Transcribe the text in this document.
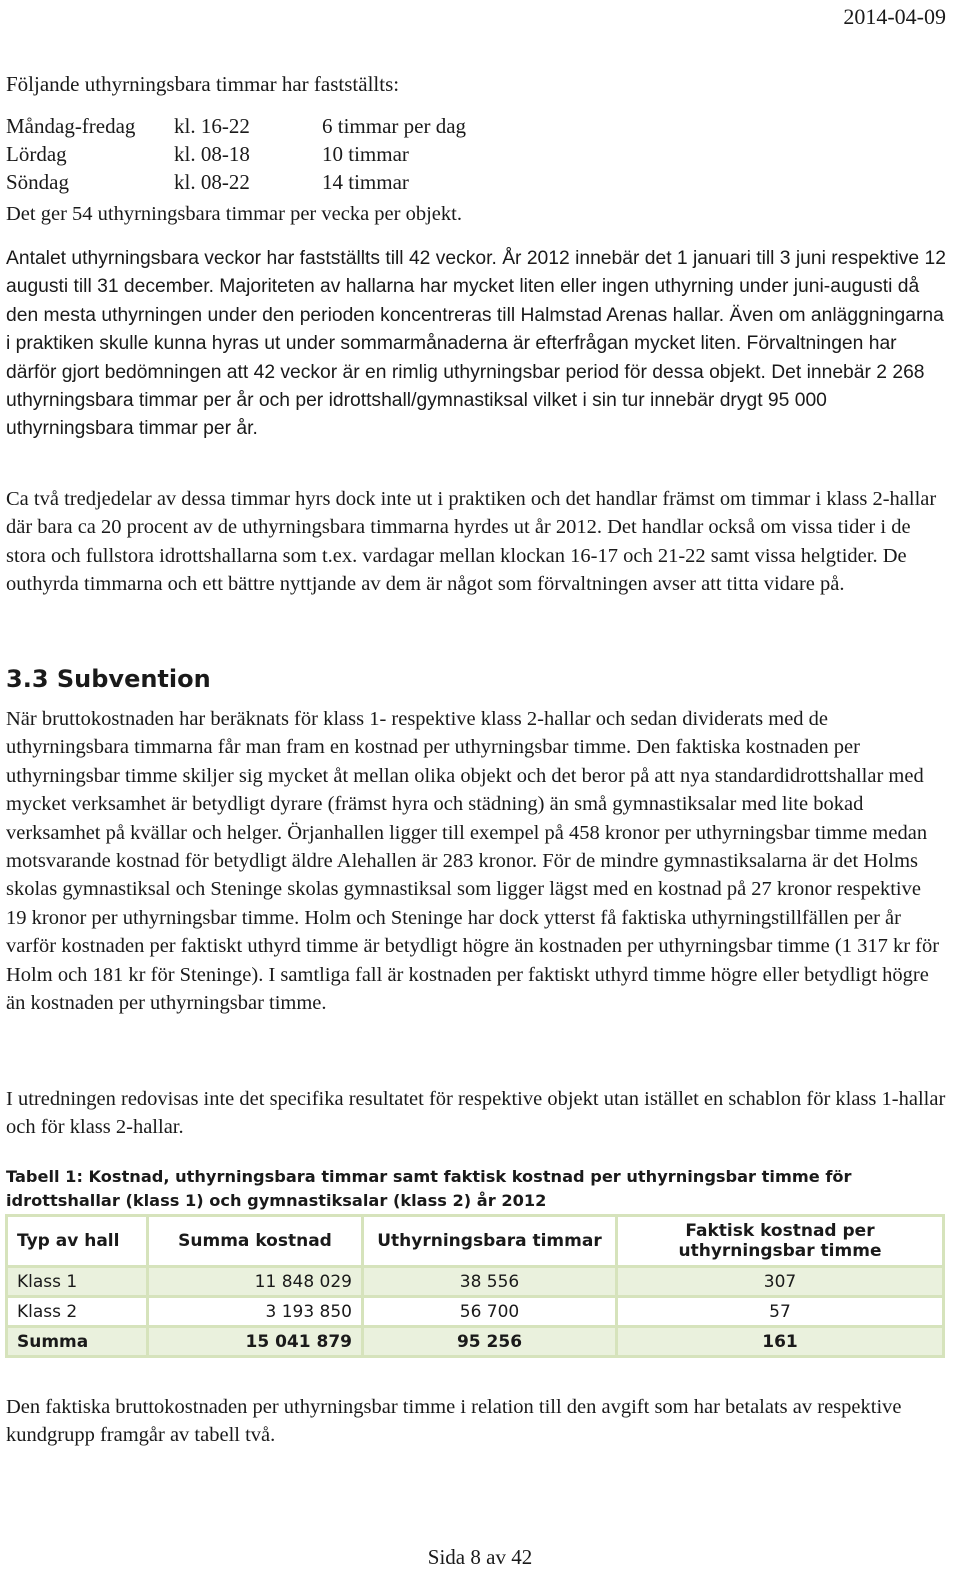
2014-04-09
Följande uthyrningsbara timmar har fastställts:
Måndag-fredag	kl. 16-22	6 timmar per dag
Lördag	kl. 08-18	10 timmar
Söndag	kl. 08-22	14 timmar

Det ger 54 uthyrningsbara timmar per vecka per objekt.

Antalet uthyrningsbara veckor har fastställts till 42 veckor. År 2012 innebär det 1 januari till 3 juni respektive 12 augusti till 31 december. Majoriteten av hallarna har mycket liten eller ingen uthyrning under juni-augusti då den mesta uthyrningen under den perioden koncentreras till Halmstad Arenas hallar. Även om anläggningarna i praktiken skulle kunna hyras ut under sommarmånaderna är efterfrågan mycket liten. Förvaltningen har därför gjort bedömningen att 42 veckor är en rimlig uthyrningsbar period för dessa objekt. Det innebär 2 268 uthyrningsbara timmar per år och per idrottshall/gymnastiksal vilket i sin tur innebär drygt 95 000 uthyrningsbara timmar per år.

Ca två tredjedelar av dessa timmar hyrs dock inte ut i praktiken och det handlar främst om timmar i klass 2-hallar där bara ca 20 procent av de uthyrningsbara timmarna hyrdes ut år 2012. Det handlar också om vissa tider i de stora och fullstora idrottshallarna som t.ex. vardagar mellan klockan 16-17 och 21-22 samt vissa helgtider. De outhyrda timmarna och ett bättre nyttjande av dem är något som förvaltningen avser att titta vidare på.

3.3 Subvention

När bruttokostnaden har beräknats för klass 1- respektive klass 2-hallar och sedan dividerats med de uthyrningsbara timmarna får man fram en kostnad per uthyrningsbar timme. Den faktiska kostnaden per uthyrningsbar timme skiljer sig mycket åt mellan olika objekt och det beror på att nya standardidrottshallar med mycket verksamhet är betydligt dyrare (främst hyra och städning) än små gymnastiksalar med lite bokad verksamhet på kvällar och helger. Örjanhallen ligger till exempel på 458 kronor per uthyrningsbar timme medan motsvarande kostnad för betydligt äldre Alehallen är 283 kronor. För de mindre gymnastiksalarna är det Holms skolas gymnastiksal och Steninge skolas gymnastiksal som ligger lägst med en kostnad på 27 kronor respektive 19 kronor per uthyrningsbar timme. Holm och Steninge har dock ytterst få faktiska uthyrningstillfällen per år varför kostnaden per faktiskt uthyrd timme är betydligt högre än kostnaden per uthyrningsbar timme (1 317 kr för Holm och 181 kr för Steninge). I samtliga fall är kostnaden per faktiskt uthyrd timme högre eller betydligt högre än kostnaden per uthyrningsbar timme.

I utredningen redovisas inte det specifika resultatet för respektive objekt utan istället en schablon för klass 1-hallar och för klass 2-hallar.

Tabell 1: Kostnad, uthyrningsbara timmar samt faktisk kostnad per uthyrningsbar timme för idrottshallar (klass 1) och gymnastiksalar (klass 2) år 2012

Typ av hall	Summa kostnad	Uthyrningsbara timmar	Faktisk kostnad per uthyrningsbar timme
Klass 1	11 848 029	38 556	307
Klass 2	3 193 850	56 700	57
Summa	15 041 879	95 256	161

Den faktiska bruttokostnaden per uthyrningsbar timme i relation till den avgift som har betalats av respektive kundgrupp framgår av tabell två.

Sida 8 av 42
